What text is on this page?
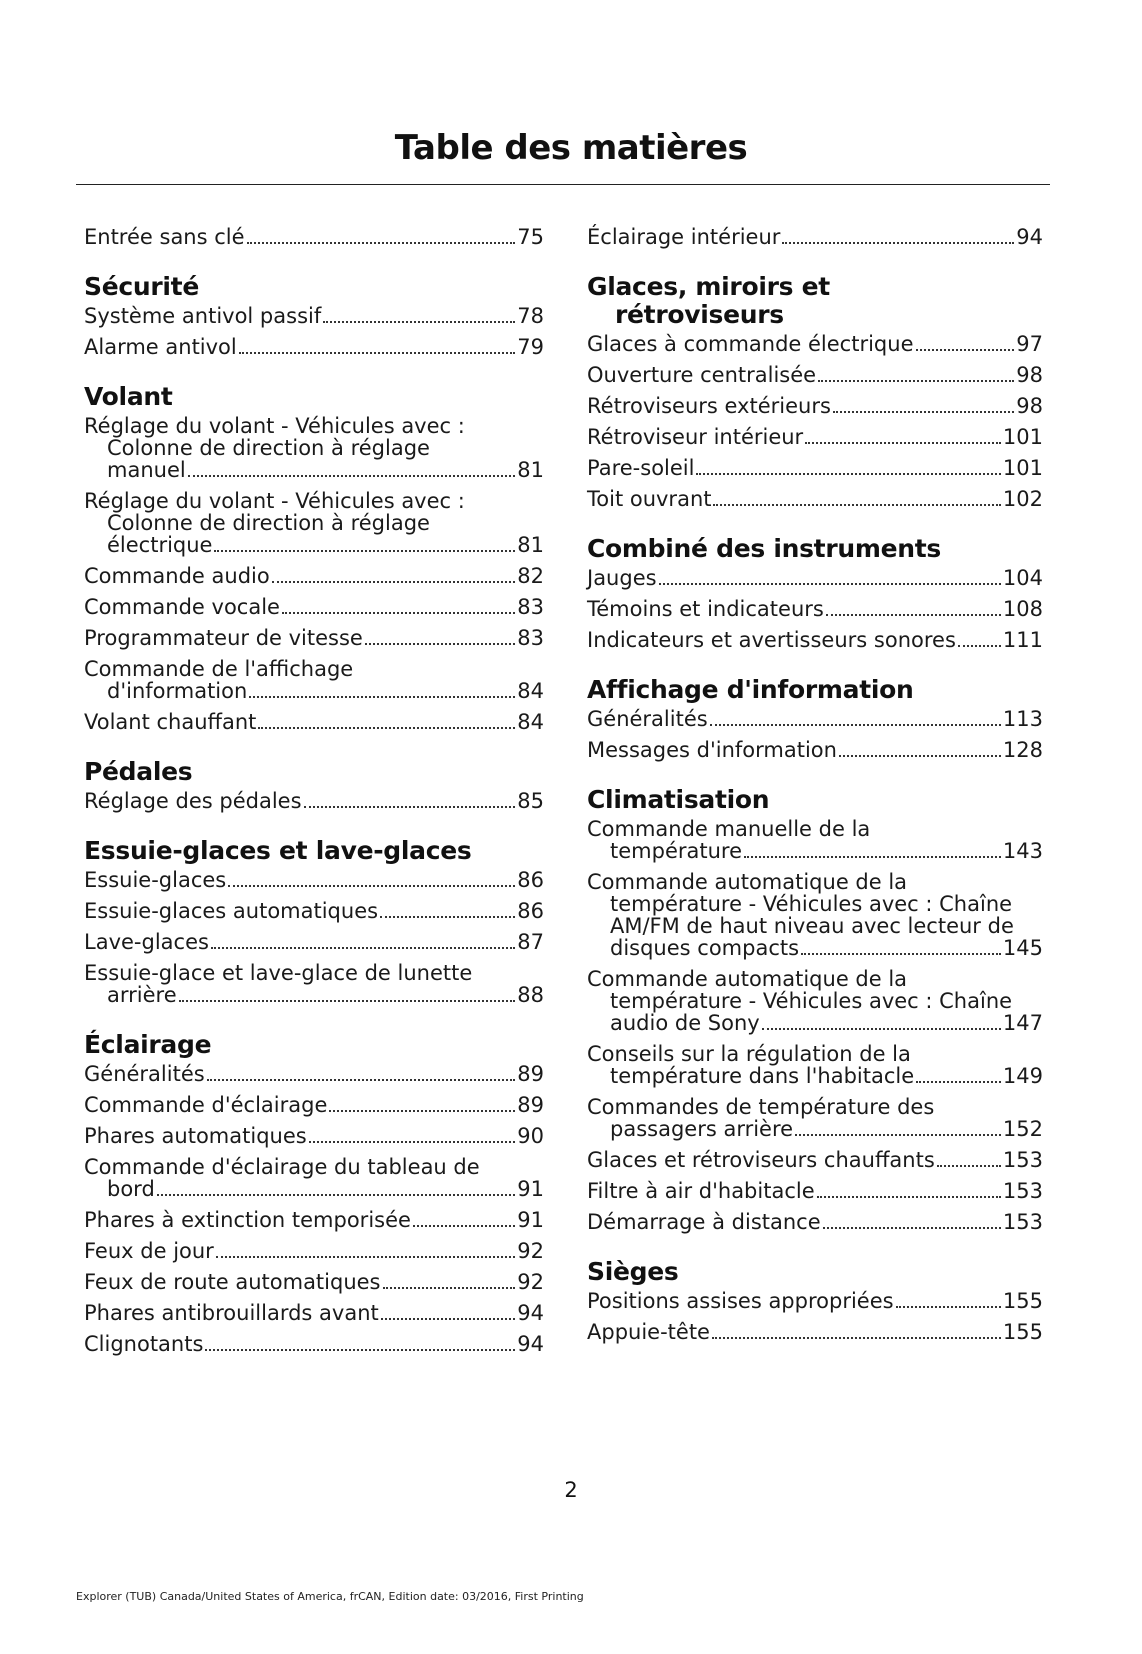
Table des matières
Entrée sans clé	75
Sécurité
Système antivol passif	78
Alarme antivol	79
Volant
Réglage du volant - Véhicules avec :
Colonne de direction à réglage
manuel	81
Réglage du volant - Véhicules avec :
Colonne de direction à réglage
électrique	81
Commande audio	82
Commande vocale	83
Programmateur de vitesse	83
Commande de l'affichage
d'information	84
Volant chauffant	84
Pédales
Réglage des pédales	85
Essuie-glaces et lave-glaces
Essuie-glaces	86
Essuie-glaces automatiques	86
Lave-glaces	87
Essuie-glace et lave-glace de lunette
arrière	88
Éclairage
Généralités	89
Commande d'éclairage	89
Phares automatiques	90
Commande d'éclairage du tableau de
bord	91
Phares à extinction temporisée	91
Feux de jour	92
Feux de route automatiques	92
Phares antibrouillards avant	94
Clignotants	94
Éclairage intérieur	94
Glaces, miroirs et

rétroviseurs
Glaces à commande électrique	97
Ouverture centralisée	98
Rétroviseurs extérieurs	98
Rétroviseur intérieur	101
Pare-soleil	101
Toit ouvrant	102
Combiné des instruments
Jauges	104
Témoins et indicateurs	108
Indicateurs et avertisseurs sonores 111
Affichage d'information
Généralités	113
Messages d'information	128
Climatisation
Commande manuelle de la
température	143
Commande automatique de la
température - Véhicules avec : Chaîne
AM/FM de haut niveau avec lecteur de
disques compacts	145
Commande automatique de la
température - Véhicules avec : Chaîne
audio de Sony	147
Conseils sur la régulation de la
température dans l'habitacle	149
Commandes de température des
passagers arrière	152
Glaces et rétroviseurs chauffants	153
Filtre à air d'habitacle	153
Démarrage à distance	153
Sièges
Positions assises appropriées	155
Appuie-tête	155
2
Explorer (TUB) Canada/United States of America, frCAN, Edition date: 03/2016, First Printing
